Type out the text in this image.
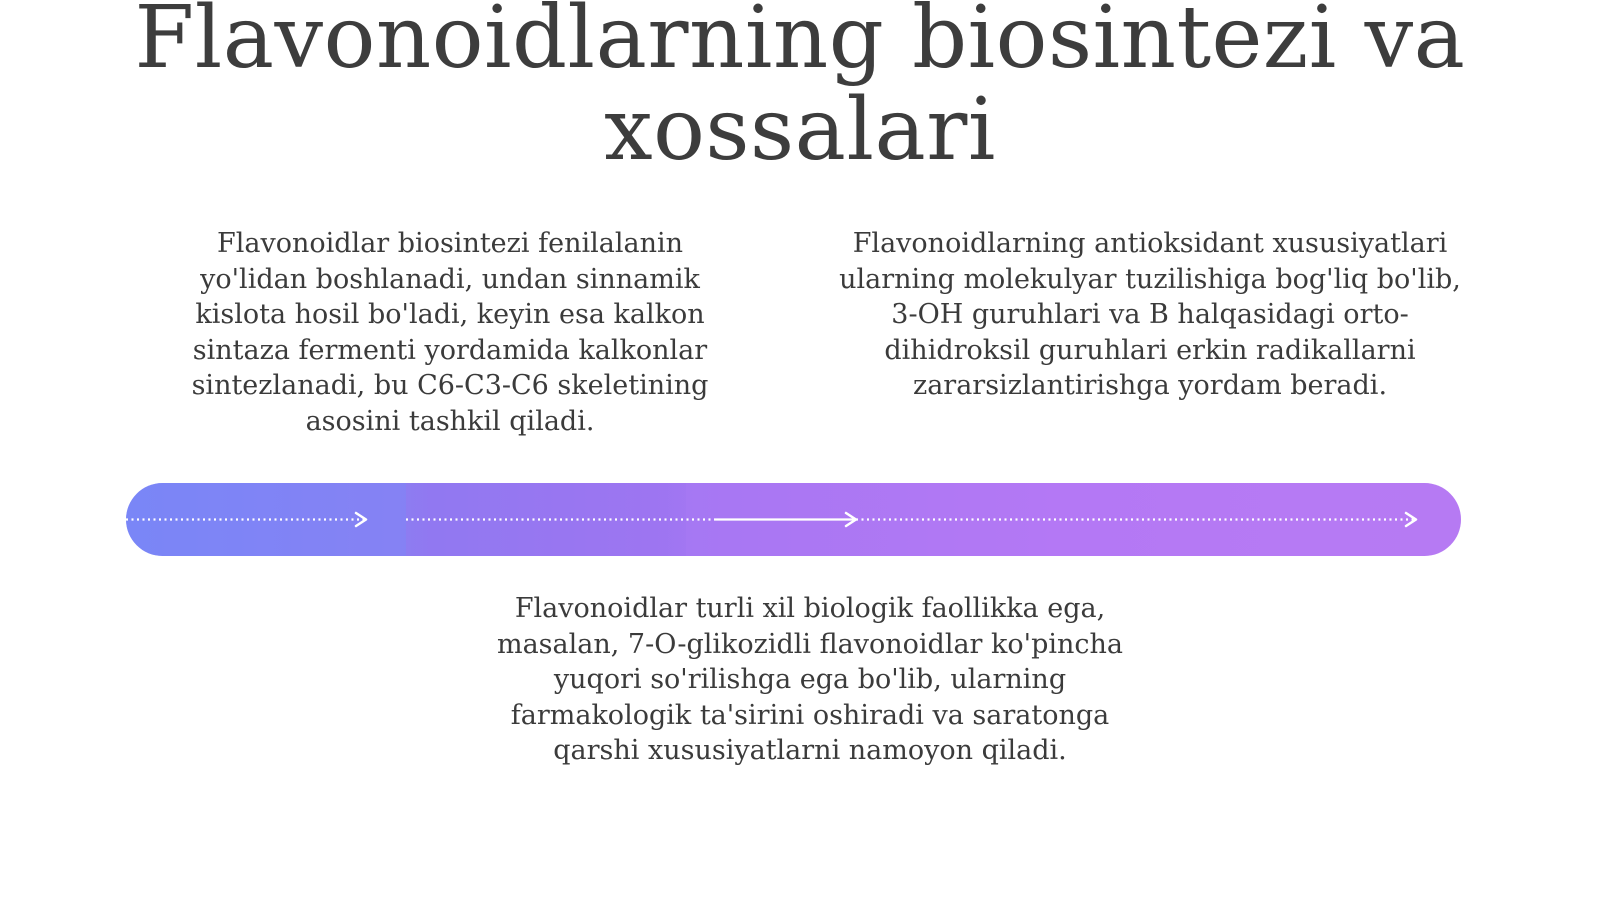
Flavonoidlarning biosintezi va xossalari

Flavonoidlar biosintezi fenilalanin yo'lidan boshlanadi, undan sinnamik kislota hosil bo'ladi, keyin esa kalkon sintaza fermenti yordamida kalkonlar sintezlanadi, bu C6-C3-C6 skeletining asosini tashkil qiladi.

Flavonoidlarning antioksidant xususiyatlari ularning molekulyar tuzilishiga bog'liq bo'lib, 3-OH guruhlari va B halqasidagi orto-dihidroksil guruhlari erkin radikallarni zararsizlantirishga yordam beradi.

Flavonoidlar turli xil biologik faollikka ega, masalan, 7-O-glikozidli flavonoidlar ko'pincha yuqori so'rilishga ega bo'lib, ularning farmakologik ta'sirini oshiradi va saratonga qarshi xususiyatlarni namoyon qiladi.
